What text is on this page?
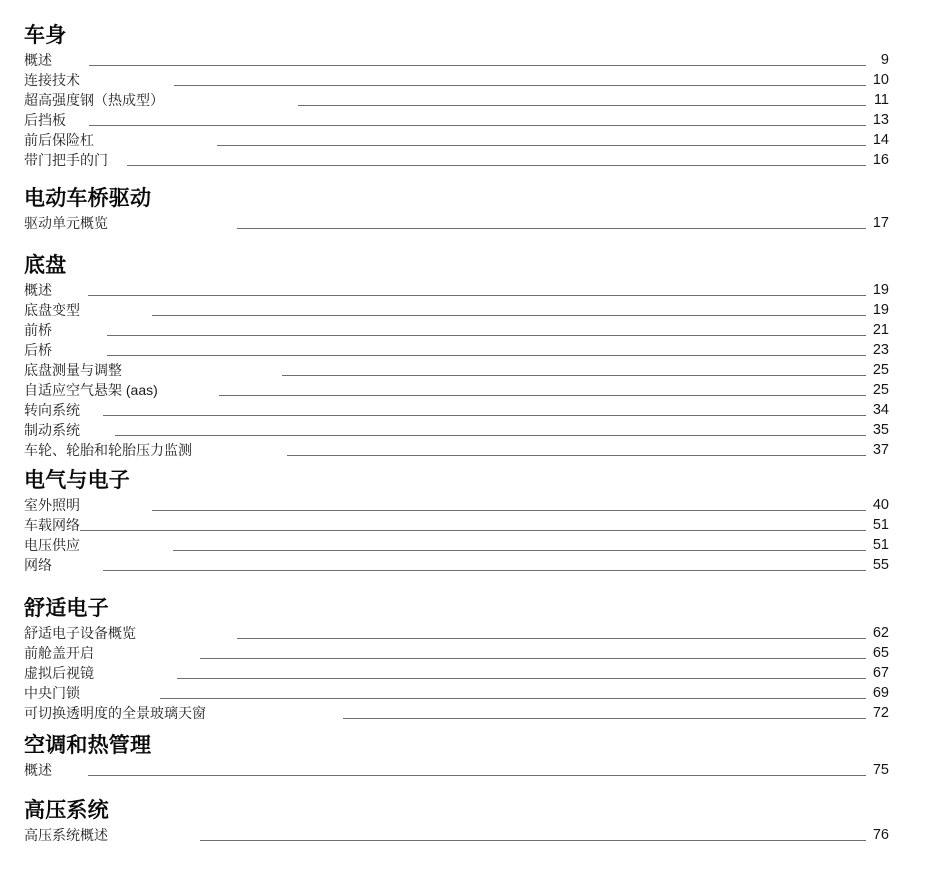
车身
概述	9
连接技术	10
超高强度钢（热成型）	11
后挡板	13
前后保险杠	14
带门把手的门	16
电动车桥驱动
驱动单元概览	17
底盘
概述	19
底盘变型	19
前桥	21
后桥	23
底盘测量与调整	25
自适应空气悬架 (aas)	25
转向系统	34
制动系统	35
车轮、轮胎和轮胎压力监测	37
电气与电子
室外照明	40
车载网络	51
电压供应	51
网络	55
舒适电子
舒适电子设备概览	62
前舱盖开启	65
虚拟后视镜	67
中央门锁	69
可切换透明度的全景玻璃天窗	72
空调和热管理
概述	75
高压系统
高压系统概述	76
